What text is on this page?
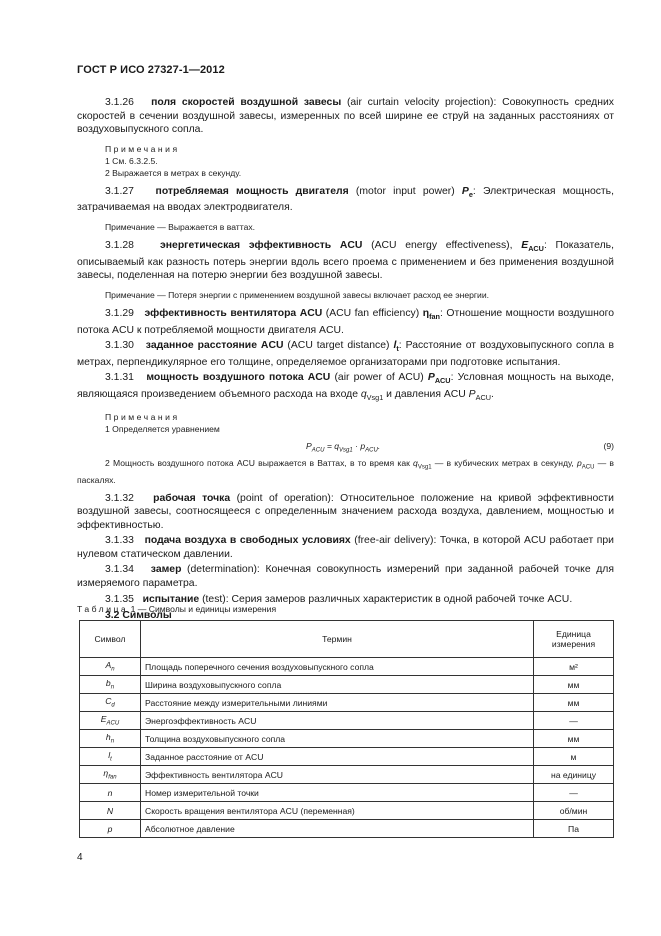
ГОСТ Р ИСО 27327-1—2012

3.1.26 поля скоростей воздушной завесы (air curtain velocity projection): Совокупность средних скоростей в сечении воздушной завесы, измеренных по всей ширине ее струй на заданных расстояниях от воздуховыпускного сопла.

Примечания

1 См. 6.3.2.5.

2 Выражается в метрах в секунду.

3.1.27 потребляемая мощность двигателя (motor input power) $P_e$: Электрическая мощность, затрачиваемая на вводах электродвигателя.

Примечание — Выражается в ваттах.

3.1.28	энергетическая эффективность ACU (ACU energy effectiveness), $E_{ACU}$: Показатель, описываемый как разность потерь энергии вдоль всего проема с применением и без применения воздушной завесы, поделенная на потерю энергии без воздушной завесы.

Примечание — Потеря энергии с применением воздушной завесы включает расход ее энергии.

3.1.29 эффективность вентилятора ACU (ACU fan efficiency) $\eta_{fan}$: Отношение мощности воздушного потока ACU к потребляемой мощности двигателя ACU.

3.1.30 заданное расстояние ACU (ACU target distance) $l_t$: Расстояние от воздуховыпускного сопла в метрах, перпендикулярное его толщине, определяемое организаторами при подготовке испытания.

3.1.31 мощность воздушного потока ACU (air power of ACU) $P_{ACU}$: Условная мощность на выходе, являющаяся произведением объемного расхода на входе $q_{Vsg1}$ и давления ACU $P_{ACU}$.

Примечания

1 Определяется уравнением

$P_{ACU} = q_{Vsg1} \cdot p_{ACU}$.	(9)

2 Мощность воздушного потока ACU выражается в Ваттах, в то время как $q_{Vsg1}$ — в кубических метрах в секунду, $p_{ACU}$ — в паскалях.

3.1.32 рабочая точка (point of operation): Относительное положение на кривой эффективности воздушной завесы, соотносящееся с определенным значением расхода воздуха, давлением, мощностью и эффективностью.

3.1.33 подача воздуха в свободных условиях (free-air delivery): Точка, в которой ACU работает при нулевом статическом давлении.

3.1.34 замер (determination): Конечная совокупность измерений при заданной рабочей точке для измеряемого параметра.

3.1.35 испытание (test): Серия замеров различных характеристик в одной рабочей точке ACU.

3.2 Символы

Таблица 1 — Символы и единицы измерения
Символ	Термин	Единица измерения
$A_n$	Площадь поперечного сечения воздуховыпускного сопла	м²
$b_n$	Ширина воздуховыпускного сопла	мм
$C_d$	Расстояние между измерительными линиями	мм
$E_{ACU}$	Энергоэффективность ACU	—
$h_n$	Толщина воздуховыпускного сопла	мм
$l_t$	Заданное расстояние от ACU	м
$\eta_{fan}$	Эффективность вентилятора ACU	на единицу
n	Номер измерительной точки	—
N	Скорость вращения вентилятора ACU (переменная)	об/мин
p	Абсолютное давление	Па
4
